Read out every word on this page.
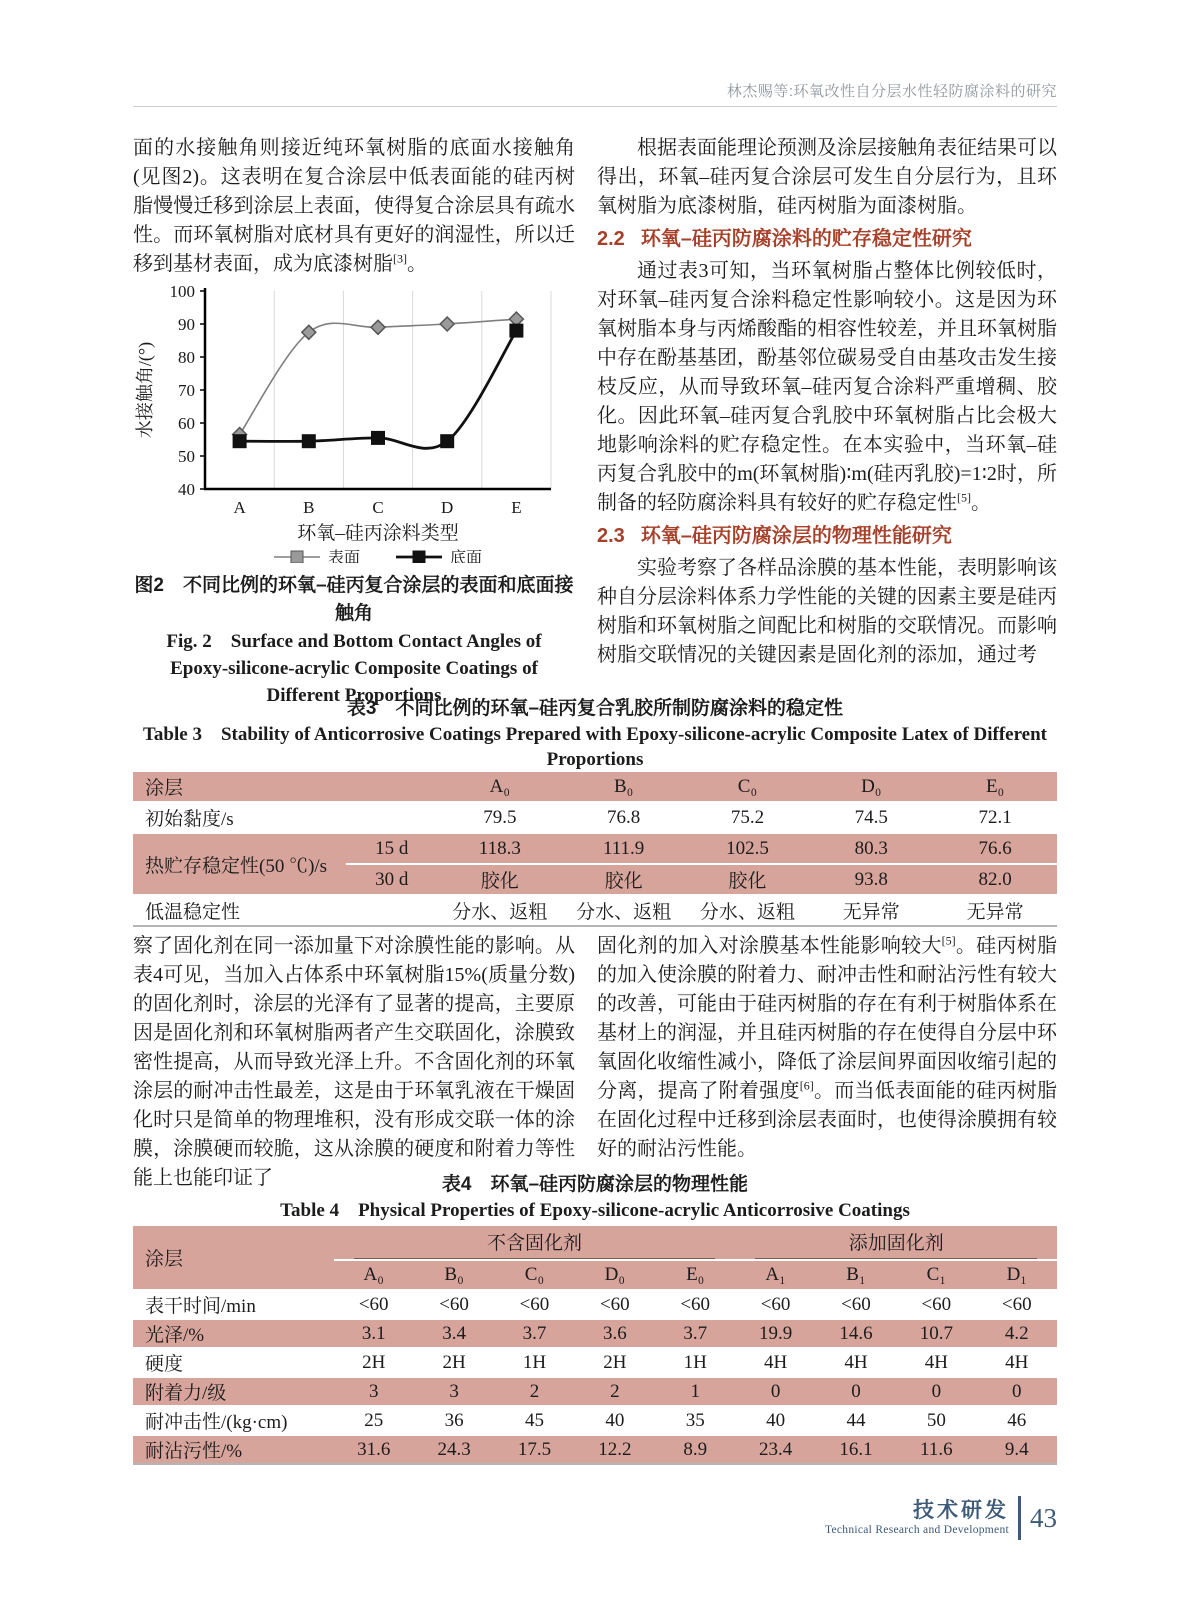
林杰赐等:环氧改性自分层水性轻防腐涂料的研究

面的水接触角则接近纯环氧树脂的底面水接触角(见图2)。这表明在复合涂层中低表面能的硅丙树脂慢慢迁移到涂层上表面，使得复合涂层具有疏水性。而环氧树脂对底材具有更好的润湿性，所以迁移到基材表面，成为底漆树脂[3]。

40
50
60
70
80
90
100
A	B	C	D	E
环氧–硅丙涂料类型
水接触角/(°)
表面	底面
图2　不同比例的环氧–硅丙复合涂层的表面和底面接触角
Fig. 2　Surface and Bottom Contact Angles of
Epoxy-silicone-acrylic Composite Coatings of
Different Proportions

根据表面能理论预测及涂层接触角表征结果可以得出，环氧–硅丙复合涂层可发生自分层行为，且环氧树脂为底漆树脂，硅丙树脂为面漆树脂。

2.2 环氧–硅丙防腐涂料的贮存稳定性研究

通过表3可知，当环氧树脂占整体比例较低时，对环氧–硅丙复合涂料稳定性影响较小。这是因为环氧树脂本身与丙烯酸酯的相容性较差，并且环氧树脂中存在酚基基团，酚基邻位碳易受自由基攻击发生接枝反应，从而导致环氧–硅丙复合涂料严重增稠、胶化。因此环氧–硅丙复合乳胶中环氧树脂占比会极大地影响涂料的贮存稳定性。在本实验中，当环氧–硅丙复合乳胶中的m(环氧树脂)∶m(硅丙乳胶)=1∶2时，所制备的轻防腐涂料具有较好的贮存稳定性[5]。

2.3 环氧–硅丙防腐涂层的物理性能研究

实验考察了各样品涂膜的基本性能，表明影响该种自分层涂料体系力学性能的关键的因素主要是硅丙树脂和环氧树脂之间配比和树脂的交联情况。而影响树脂交联情况的关键因素是固化剂的添加，通过考

表3　不同比例的环氧–硅丙复合乳胶所制防腐涂料的稳定性
Table 3　Stability of Anticorrosive Coatings Prepared with Epoxy-silicone-acrylic Composite Latex of Different
Proportions
涂层		A₀	B₀	C₀	D₀	E₀
初始黏度/s		79.5	76.8	75.2	74.5	72.1
热贮存稳定性(50 ℃)/s	15 d	118.3	111.9	102.5	80.3	76.6
	30 d	胶化	胶化	胶化	93.8	82.0
低温稳定性		分水、返粗	分水、返粗	分水、返粗	无异常	无异常

察了固化剂在同一添加量下对涂膜性能的影响。从表4可见，当加入占体系中环氧树脂15%(质量分数)的固化剂时，涂层的光泽有了显著的提高，主要原因是固化剂和环氧树脂两者产生交联固化，涂膜致密性提高，从而导致光泽上升。不含固化剂的环氧涂层的耐冲击性最差，这是由于环氧乳液在干燥固化时只是简单的物理堆积，没有形成交联一体的涂膜，涂膜硬而较脆，这从涂膜的硬度和附着力等性能上也能印证了

固化剂的加入对涂膜基本性能影响较大[5]。硅丙树脂的加入使涂膜的附着力、耐冲击性和耐沾污性有较大的改善，可能由于硅丙树脂的存在有利于树脂体系在基材上的润湿，并且硅丙树脂的存在使得自分层中环氧固化收缩性减小，降低了涂层间界面因收缩引起的分离，提高了附着强度[6]。而当低表面能的硅丙树脂在固化过程中迁移到涂层表面时，也使得涂膜拥有较好的耐沾污性能。

表4　环氧–硅丙防腐涂层的物理性能
Table 4　Physical Properties of Epoxy-silicone-acrylic Anticorrosive Coatings
涂层	不含固化剂					添加固化剂			

	A₀	B₀	C₀	D₀	E₀	A₁	B₁	C₁	D₁
表干时间/min	<60	<60	<60	<60	<60	<60	<60	<60	<60
光泽/%	3.1	3.4	3.7	3.6	3.7	19.9	14.6	10.7	4.2
硬度	2H	2H	1H	2H	1H	4H	4H	4H	4H
附着力/级	3	3	2	2	1	0	0	0	0
耐冲击性/(kg·cm)	25	36	45	40	35	40	44	50	46
耐沾污性/%	31.6	24.3	17.5	12.2	8.9	23.4	16.1	11.6	9.4
技术研发
Technical Research and Development 43
